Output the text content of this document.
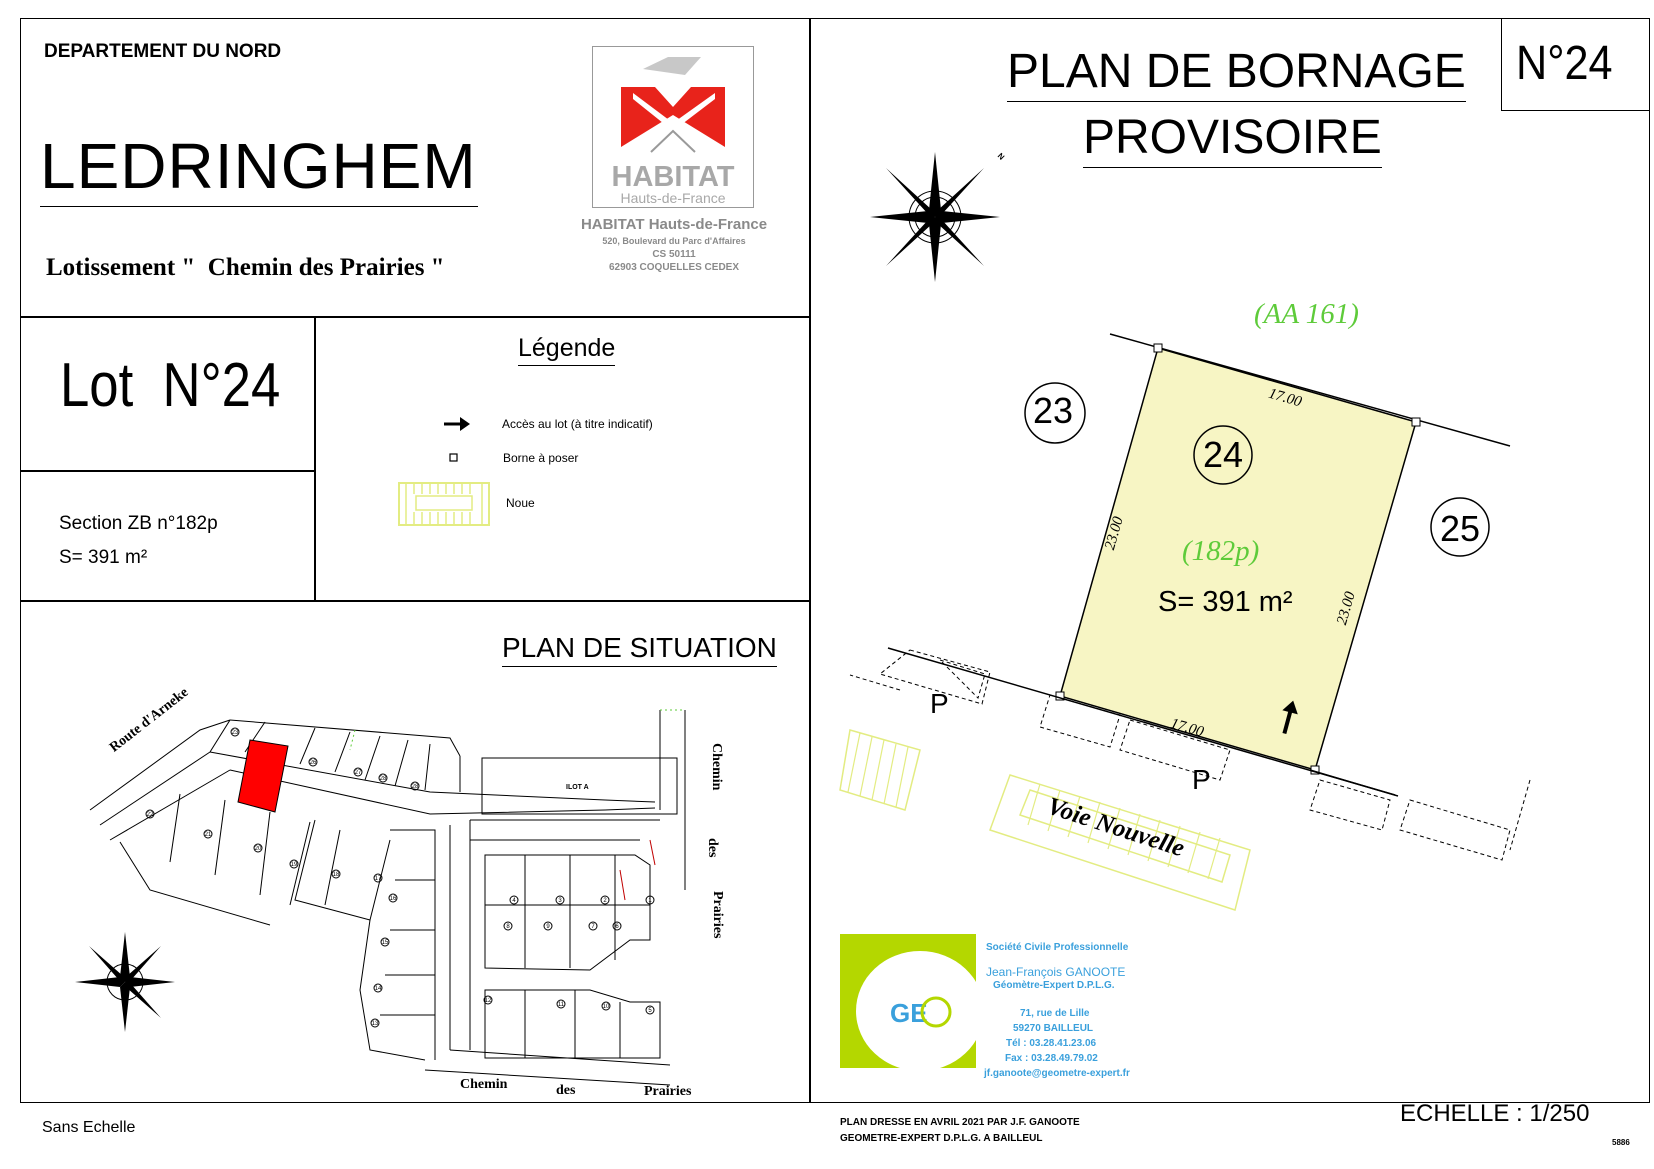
DEPARTEMENT DU NORD
LEDRINGHEM
Lotissement "  Chemin des Prairies "
HABITAT
Hauts-de-France
HABITAT Hauts-de-France
520, Boulevard du Parc d'Affaires
CS 50111
62903 COQUELLES CEDEX
Lot  N°24
Section ZB n°182p
S= 391 m²
Légende
Accès au lot (à titre indicatif)
Borne à poser
Noue
PLAN DE SITUATION
Sans Echelle
23
26
27
28
28
22
21
20
19
18
17
16
15
14
13
4	3	2	1
8	9	7	6
12
11	10
5
Route d'Arneke
ILOT A	Chemin
des
Prairies
Chemin	des	Prairies
PLAN DE BORNAGE
PROVISOIRE
N°24
N
(AA 161)
(182p)
S= 391 m²
23
24
25
17.00
17.00
23.00
23.00
P
P
Voie Nouvelle
GE
Société Civile Professionnelle
Jean-François GANOOTE
Géomètre-Expert D.P.L.G.
71, rue de Lille
59270 BAILLEUL
Tél : 03.28.41.23.06
Fax : 03.28.49.79.02
jf.ganoote@geometre-expert.fr
PLAN DRESSE EN AVRIL 2021 PAR J.F. GANOOTE
GEOMETRE-EXPERT D.P.L.G. A BAILLEUL
ECHELLE : 1/250
5886
